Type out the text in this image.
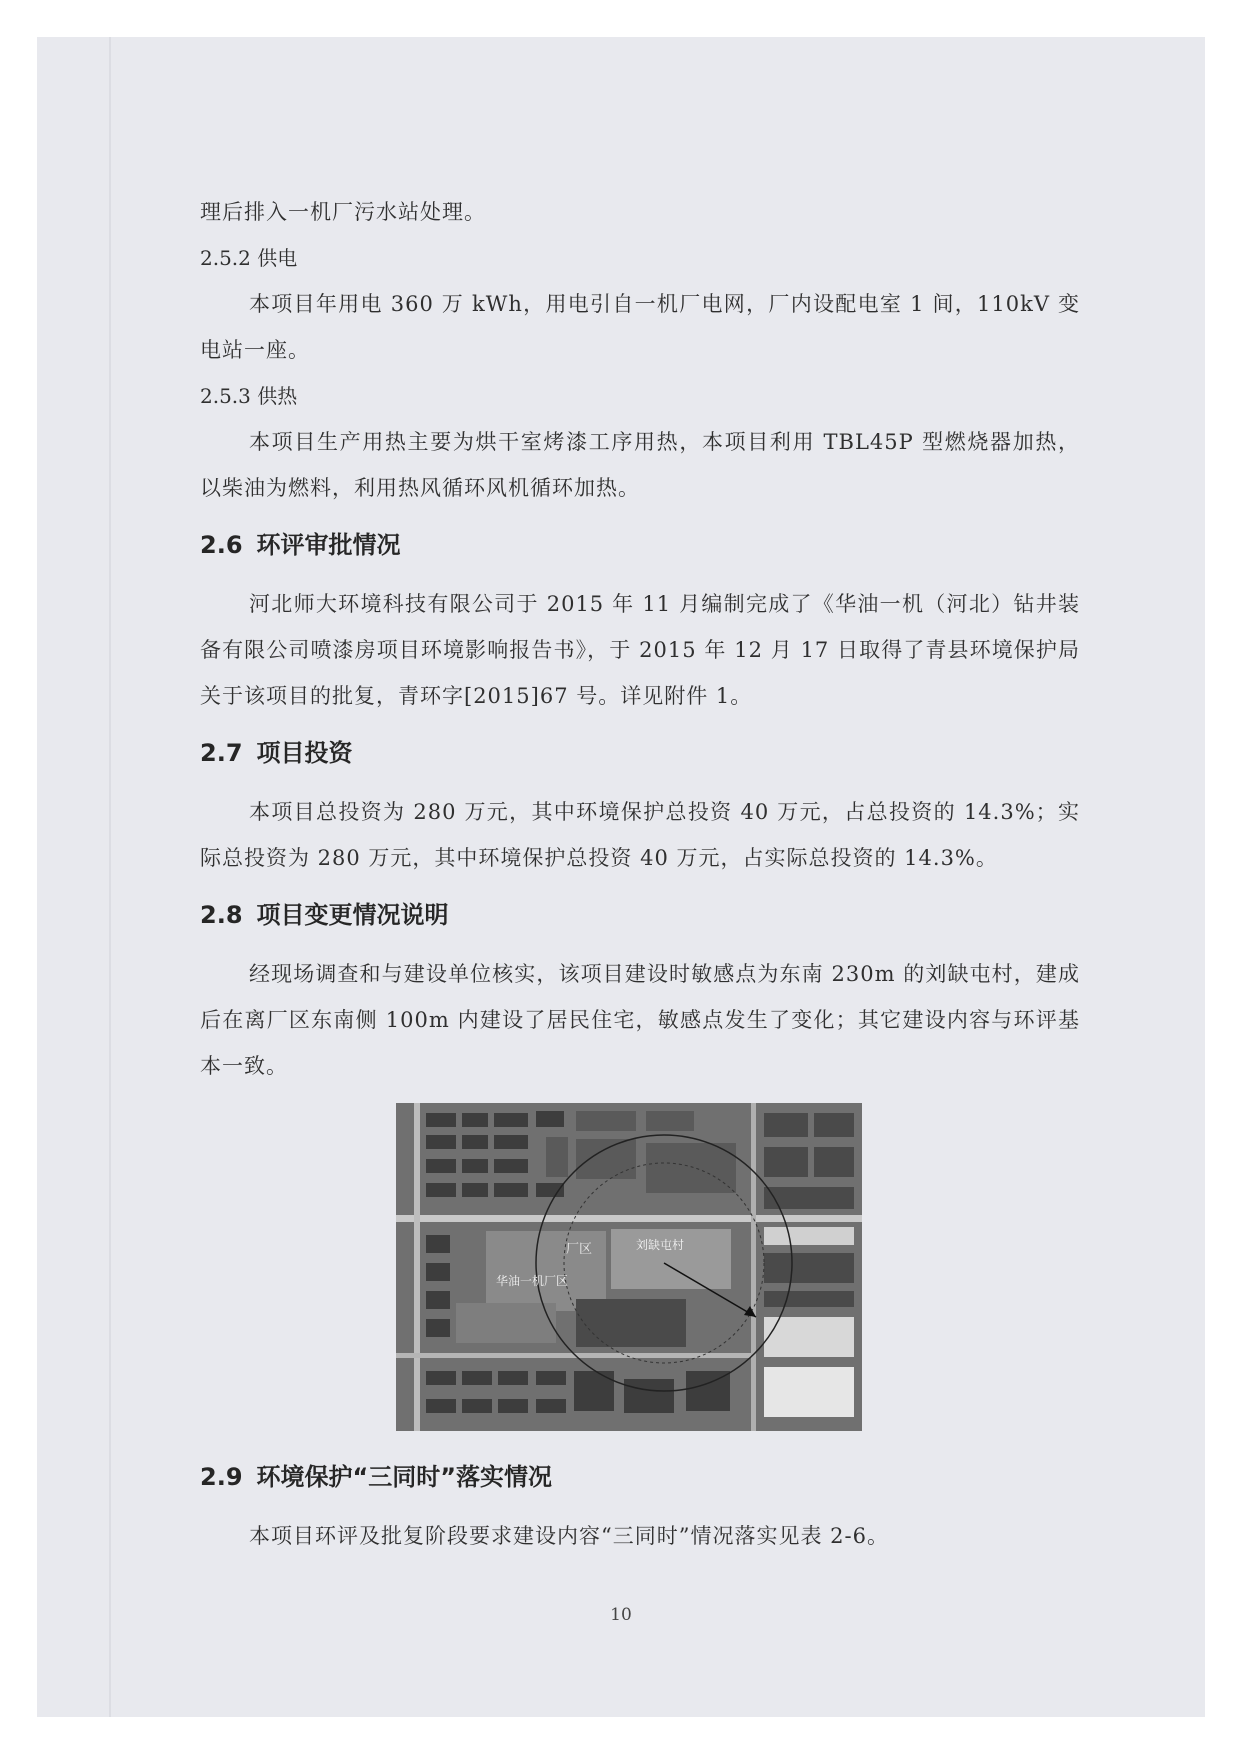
理后排入一机厂污水站处理。

2.5.2 供电

本项目年用电 360 万 kWh，用电引自一机厂电网，厂内设配电室 1 间，110kV 变电站一座。

2.5.3 供热

本项目生产用热主要为烘干室烤漆工序用热，本项目利用 TBL45P 型燃烧器加热，以柴油为燃料，利用热风循环风机循环加热。

2.6 环评审批情况

河北师大环境科技有限公司于 2015 年 11 月编制完成了《华油一机（河北）钻井装备有限公司喷漆房项目环境影响报告书》，于 2015 年 12 月 17 日取得了青县环境保护局关于该项目的批复，青环字[2015]67 号。详见附件 1。

2.7 项目投资

本项目总投资为 280 万元，其中环境保护总投资 40 万元，占总投资的 14.3%；实际总投资为 280 万元，其中环境保护总投资 40 万元，占实际总投资的 14.3%。

2.8 项目变更情况说明

经现场调查和与建设单位核实，该项目建设时敏感点为东南 230m 的刘缺屯村，建成后在离厂区东南侧 100m 内建设了居民住宅，敏感点发生了变化；其它建设内容与环评基本一致。

厂区
华油一机厂区
刘缺屯村
2.9 环境保护“三同时”落实情况

本项目环评及批复阶段要求建设内容“三同时”情况落实见表 2-6。

10
